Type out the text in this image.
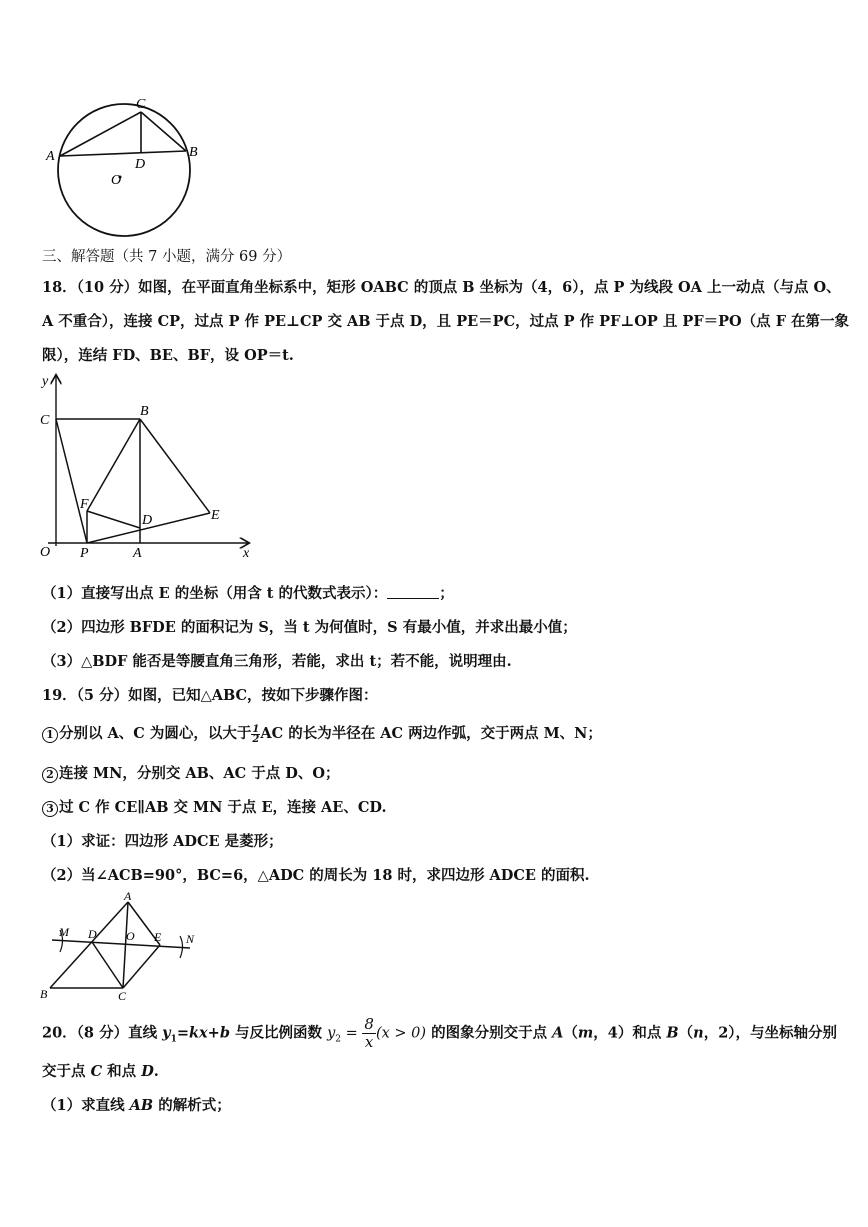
C
A	B
D
O
三、解答题（共 7 小题，满分 69 分）
18．（10 分）如图，在平面直角坐标系中，矩形 OABC 的顶点 B 坐标为（4，6），点 P 为线段 OA 上一动点（与点 O、
A 不重合），连接 CP，过点 P 作 PE⊥CP 交 AB 于点 D，且 PE＝PC，过点 P 作 PF⊥OP 且 PF＝PO（点 F 在第一象
限），连结 FD、BE、BF，设 OP＝t.
y
C
B
F
D	E
O P	A	x
（1）直接写出点 E 的坐标（用含 t 的代数式表示）：	；
（2）四边形 BFDE 的面积记为 S，当 t 为何值时，S 有最小值，并求出最小值；
（3）△BDF 能否是等腰直角三角形，若能，求出 t；若不能，说明理由.
19．（5 分）如图，已知△ABC，按如下步骤作图：
1 分别以 A、C 为圆心，以大于 $\frac{1}{2}$ AC 的长为半径在 AC 两边作弧，交于两点 M、N；
2 连接 MN，分别交 AB、AC 于点 D、O；
3 过 C 作 CE∥AB 交 MN 于点 E，连接 AE、CD.
（1）求证：四边形 ADCE 是菱形；
（2）当∠ACB=90°，BC=6，△ADC 的周长为 18 时，求四边形 ADCE 的面积.
A
M D O E N
B	C
20．（8 分）直线 $y_1=kx+b$ 与反比例函数 $y_2 = \frac{8}{x} (x > 0)$ 的图象分别交于点 A（m，4）和点 B（n，2），与坐标轴分别
交于点 C 和点 D.
（1）求直线 AB 的解析式；
